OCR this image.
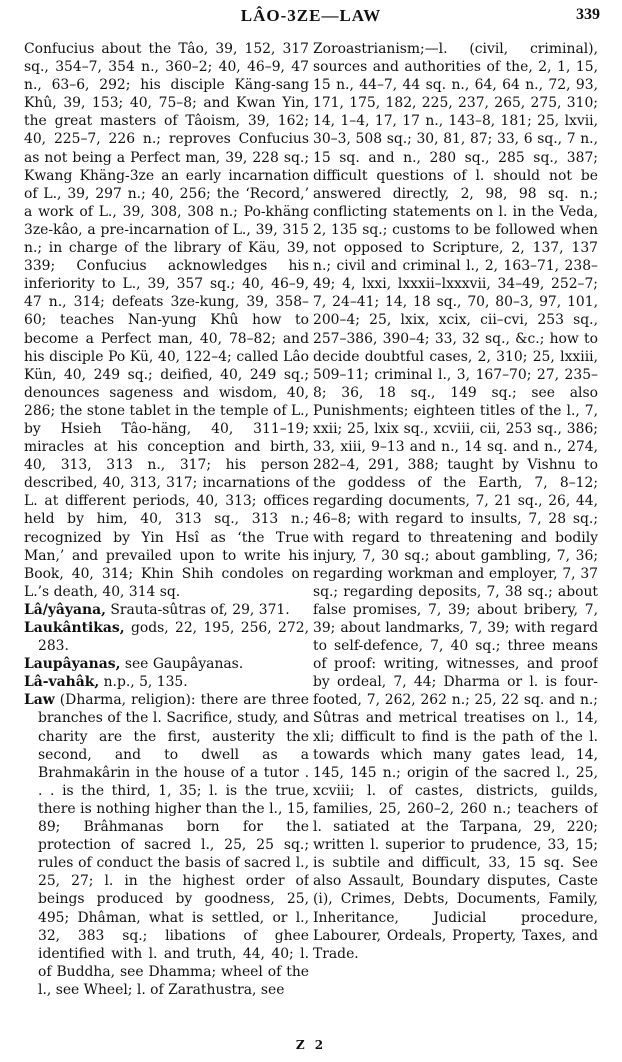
LÂO-3ZE—LAW	339

Confucius about the Tâo, 39, 152, 317 sq., 354–7, 354 n., 360–2; 40, 46–9, 47 n., 63–6, 292; his disciple Käng-sang Khû, 39, 153; 40, 75–8; and Kwan Yin, the great masters of Tâoism, 39, 162; 40, 225–7, 226 n.; reproves Confucius as not being a Perfect man, 39, 228 sq.; Kwang Khäng-3ze an early incarnation of L., 39, 297 n.; 40, 256; the ‘Record,’ a work of L., 39, 308, 308 n.; Po-khäng 3ze-kâo, a pre-incarnation of L., 39, 315 n.; in charge of the library of Käu, 39, 339; Confucius acknowledges his inferiority to L., 39, 357 sq.; 40, 46–9, 47 n., 314; defeats 3ze-kung, 39, 358–60; teaches Nan-yung Khû how to become a Perfect man, 40, 78–82; and his disciple Po Kü, 40, 122–4; called Lâo Kün, 40, 249 sq.; deified, 40, 249 sq.; denounces sageness and wisdom, 40, 286; the stone tablet in the temple of L., by Hsieh Tâo-häng, 40, 311–19; miracles at his conception and birth, 40, 313, 313 n., 317; his person described, 40, 313, 317; incarnations of L. at different periods, 40, 313; offices held by him, 40, 313 sq., 313 n.; recognized by Yin Hsî as ‘the True Man,’ and prevailed upon to write his Book, 40, 314; Khin Shih condoles on L.’s death, 40, 314 sq.

Lâ/yâyana, Srauta-sûtras of, 29, 371.

Laukântikas, gods, 22, 195, 256, 272, 283.

Laupâyanas, see Gaupâyanas.

Lâ-vahâk, n.p., 5, 135.

Law (Dharma, religion): there are three branches of the l. Sacrifice, study, and charity are the first, austerity the second, and to dwell as a Brahmakârin in the house of a tutor . . . is the third, 1, 35; l. is the true, there is nothing higher than the l., 15, 89; Brâhmanas born for the protection of sacred l., 25, 25 sq.; rules of conduct the basis of sacred l., 25, 27; l. in the highest order of beings produced by goodness, 25, 495; Dhâman, what is settled, or l., 32, 383 sq.; libations of ghee identified with l. and truth, 44, 40; l. of Buddha, see Dhamma; wheel of the l., see Wheel; l. of Zarathustra, see

Zoroastrianism;—l. (civil, criminal), sources and authorities of the, 2, 1, 15, 15 n., 44–7, 44 sq. n., 64, 64 n., 72, 93, 171, 175, 182, 225, 237, 265, 275, 310; 14, 1–4, 17, 17 n., 143–8, 181; 25, lxvii, 30–3, 508 sq.; 30, 81, 87; 33, 6 sq., 7 n., 15 sq. and n., 280 sq., 285 sq., 387; difficult questions of l. should not be answered directly, 2, 98, 98 sq. n.; conflicting statements on l. in the Veda, 2, 135 sq.; customs to be followed when not opposed to Scripture, 2, 137, 137 n.; civil and criminal l., 2, 163–71, 238–49; 4, lxxi, lxxxii–lxxxvii, 34–49, 252–7; 7, 24–41; 14, 18 sq., 70, 80–3, 97, 101, 200–4; 25, lxix, xcix, cii–cvi, 253 sq., 257–386, 390–4; 33, 32 sq., &c.; how to decide doubtful cases, 2, 310; 25, lxxiii, 509–11; criminal l., 3, 167–70; 27, 235–8; 36, 18 sq., 149 sq.; see also Punishments; eighteen titles of the l., 7, xxii; 25, lxix sq., xcviii, cii, 253 sq., 386; 33, xiii, 9–13 and n., 14 sq. and n., 274, 282–4, 291, 388; taught by Vishnu to the goddess of the Earth, 7, 8–12; regarding documents, 7, 21 sq., 26, 44, 46–8; with regard to insults, 7, 28 sq.; with regard to threatening and bodily injury, 7, 30 sq.; about gambling, 7, 36; regarding workman and employer, 7, 37 sq.; regarding deposits, 7, 38 sq.; about false promises, 7, 39; about bribery, 7, 39; about landmarks, 7, 39; with regard to self-defence, 7, 40 sq.; three means of proof: writing, witnesses, and proof by ordeal, 7, 44; Dharma or l. is four-footed, 7, 262, 262 n.; 25, 22 sq. and n.; Sûtras and metrical treatises on l., 14, xli; difficult to find is the path of the l. towards which many gates lead, 14, 145, 145 n.; origin of the sacred l., 25, xcviii; l. of castes, districts, guilds, families, 25, 260–2, 260 n.; teachers of l. satiated at the Tarpana, 29, 220; written l. superior to prudence, 33, 15; is subtile and difficult, 33, 15 sq. See also Assault, Boundary disputes, Caste (i), Crimes, Debts, Documents, Family, Inheritance, Judicial procedure, Labourer, Ordeals, Property, Taxes, and Trade.

Z 2
